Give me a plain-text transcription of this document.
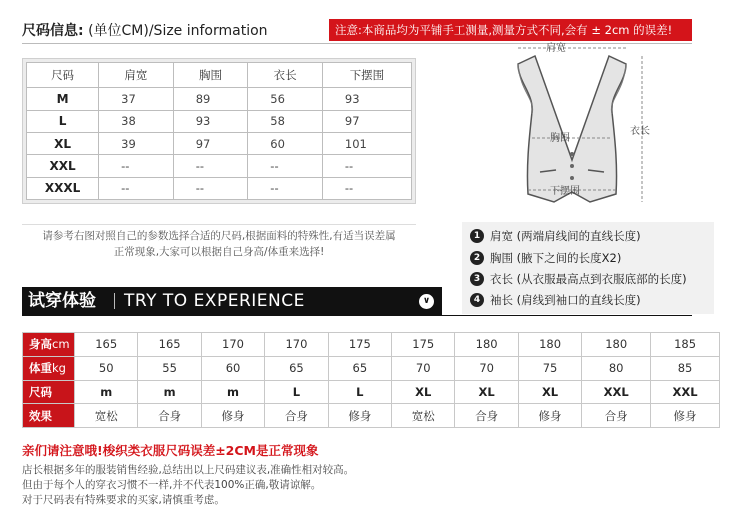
尺码信息: (单位CM)/Size information	注意:本商品均为平铺手工测量,测量方式不同,会有 ± 2cm 的误差!
尺码	肩宽	胸围	衣长	下摆围
M	37	89	56	93
L	38	93	58	97
XL	39	97	60	101
XXL	--	--	--	--
XXXL	--	--	--	--
请参考右图对照自己的参数选择合适的尺码,根据面料的特殊性,有适当误差属
正常现象,大家可以根据自己身高/体重来选择!
肩宽
胸围
下摆围
衣长
1 肩宽 (两端肩线间的直线长度)
2 胸围 (腋下之间的长度X2)
3 衣长 (从衣服最高点到衣服底部的长度)
4 袖长 (肩线到袖口的直线长度)
试穿体验 TRY TO EXPERIENCE	∨
身高cm	165	165	170	170	175	175	180	180	180	185
体重kg	50	55	60	65	65	70	70	75	80	85
尺码	m	m	m	L	L	XL	XL	XL	XXL	XXL
效果	宽松	合身	修身	合身	修身	宽松	合身	修身	合身	修身
亲们请注意哦!梭织类衣服尺码误差±2CM是正常现象
店长根据多年的服装销售经验,总结出以上尺码建议表,准确性相对较高。
但由于每个人的穿衣习惯不一样,并不代表100%正确,敬请谅解。
对于尺码表有特殊要求的买家,请慎重考虑。
